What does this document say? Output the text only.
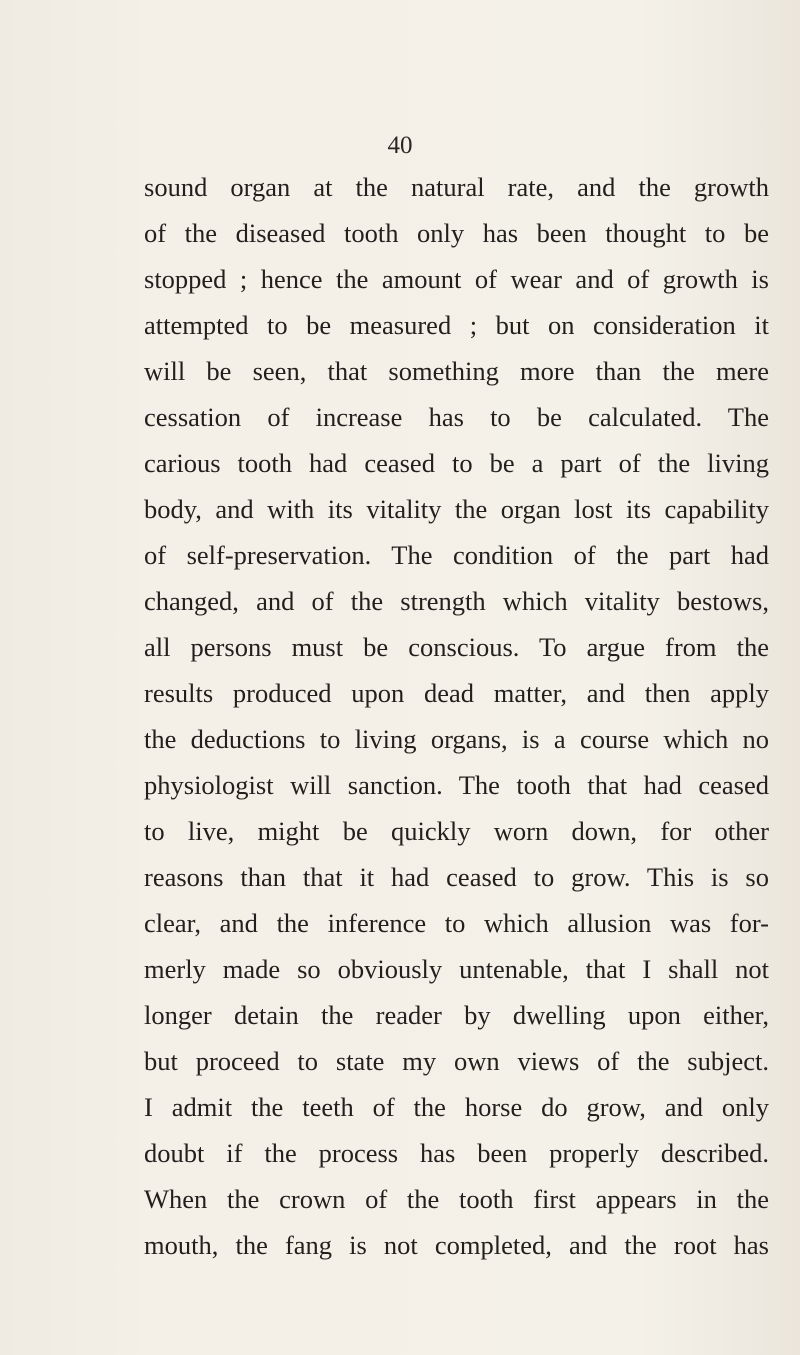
40
sound organ at the natural rate, and the growth
of the diseased tooth only has been thought to be
stopped ; hence the amount of wear and of growth is
attempted to be measured ; but on consideration it
will be seen, that something more than the mere
cessation of increase has to be calculated. The
carious tooth had ceased to be a part of the living
body, and with its vitality the organ lost its capability
of self-preservation. The condition of the part had
changed, and of the strength which vitality bestows,
all persons must be conscious. To argue from the
results produced upon dead matter, and then apply
the deductions to living organs, is a course which no
physiologist will sanction. The tooth that had ceased
to live, might be quickly worn down, for other
reasons than that it had ceased to grow. This is so
clear, and the inference to which allusion was for-
merly made so obviously untenable, that I shall not
longer detain the reader by dwelling upon either,
but proceed to state my own views of the subject.
I admit the teeth of the horse do grow, and only
doubt if the process has been properly described.
When the crown of the tooth first appears in the
mouth, the fang is not completed, and the root has
